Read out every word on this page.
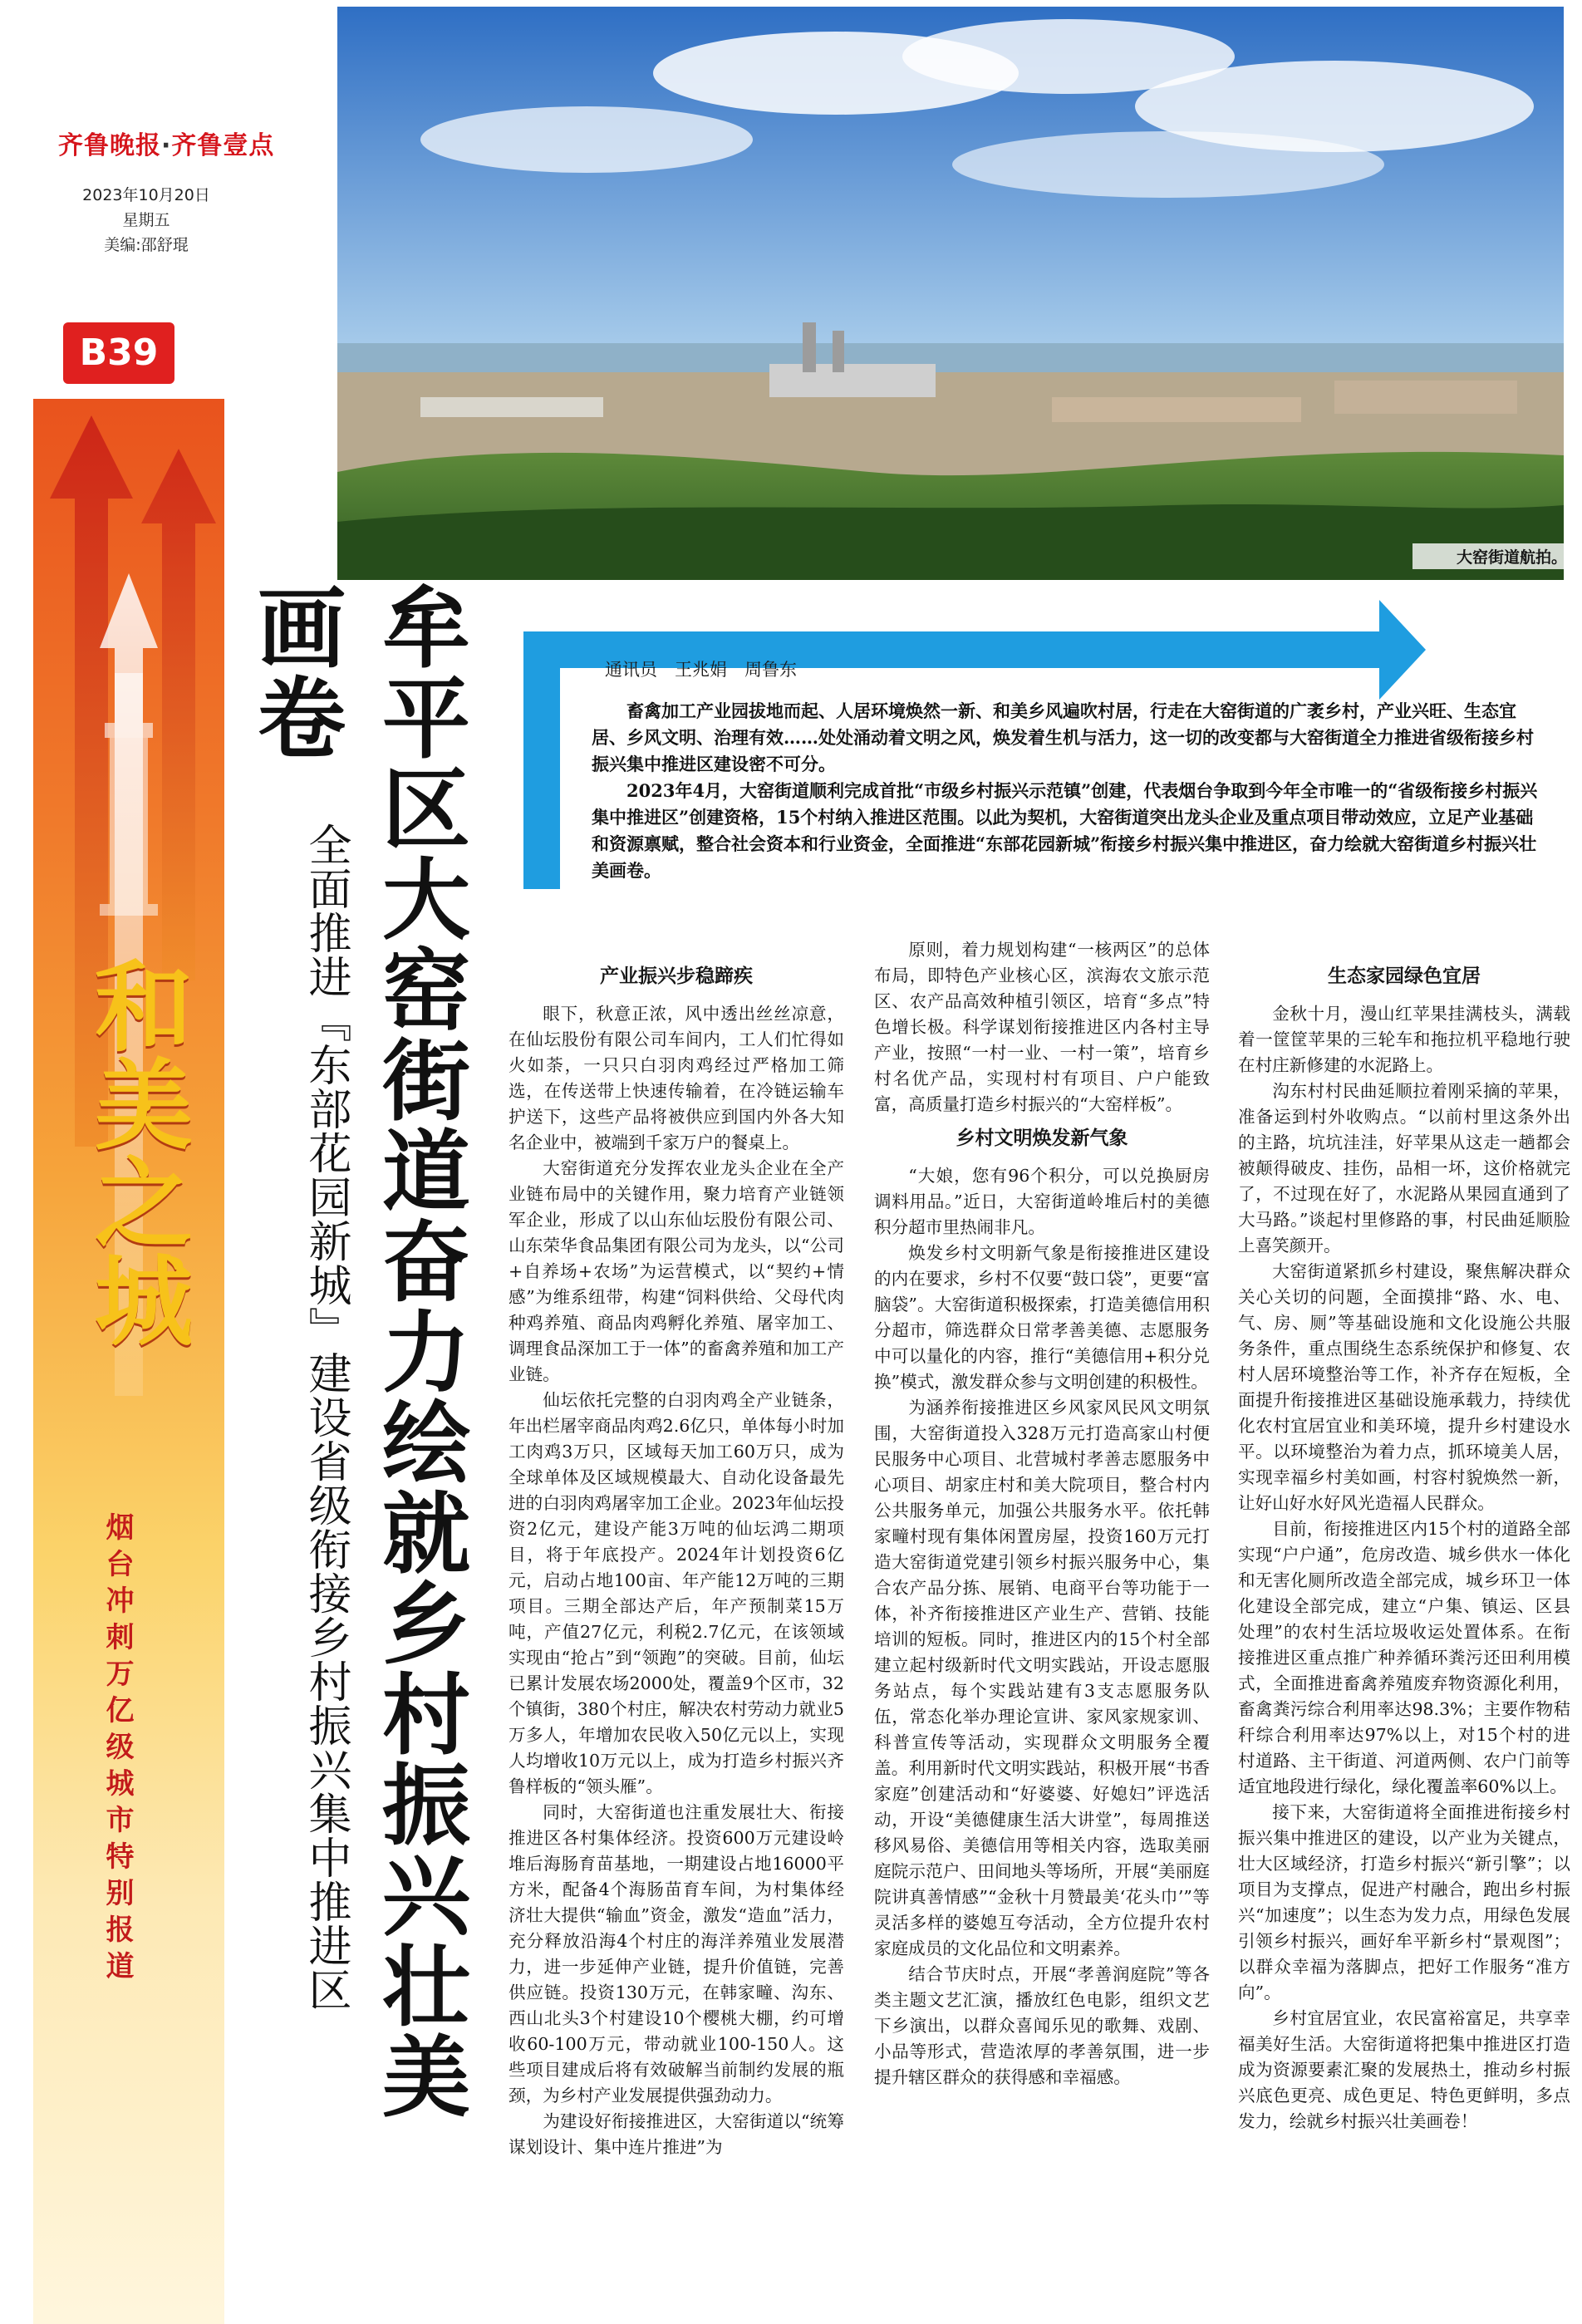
齐鲁晚报·齐鲁壹点
2023年10月20日
星期五
美编:邵舒琨
B39
和美之城
烟台冲刺万亿级城市特别报道
大窑街道航拍。
牟平区大窑街道奋力绘就乡村振兴壮美画卷
全面推进『东部花园新城』建设省级衔接乡村振兴集中推进区
通讯员　王兆娟　周鲁东

畜禽加工产业园拔地而起、人居环境焕然一新、和美乡风遍吹村居，行走在大窑街道的广袤乡村，产业兴旺、生态宜居、乡风文明、治理有效……处处涌动着文明之风，焕发着生机与活力，这一切的改变都与大窑街道全力推进省级衔接乡村振兴集中推进区建设密不可分。

2023年4月，大窑街道顺利完成首批“市级乡村振兴示范镇”创建，代表烟台争取到今年全市唯一的“省级衔接乡村振兴集中推进区”创建资格，15个村纳入推进区范围。以此为契机，大窑街道突出龙头企业及重点项目带动效应，立足产业基础和资源禀赋，整合社会资本和行业资金，全面推进“东部花园新城”衔接乡村振兴集中推进区，奋力绘就大窑街道乡村振兴壮美画卷。

产业振兴步稳蹄疾

眼下，秋意正浓，风中透出丝丝凉意，在仙坛股份有限公司车间内，工人们忙得如火如荼，一只只白羽肉鸡经过严格加工筛选，在传送带上快速传输着，在冷链运输车护送下，这些产品将被供应到国内外各大知名企业中，被端到千家万户的餐桌上。

大窑街道充分发挥农业龙头企业在全产业链布局中的关键作用，聚力培育产业链领军企业，形成了以山东仙坛股份有限公司、山东荣华食品集团有限公司为龙头，以“公司+自养场+农场”为运营模式，以“契约+情感”为维系纽带，构建“饲料供给、父母代肉种鸡养殖、商品肉鸡孵化养殖、屠宰加工、调理食品深加工于一体”的畜禽养殖和加工产业链。

仙坛依托完整的白羽肉鸡全产业链条，年出栏屠宰商品肉鸡2.6亿只，单体每小时加工肉鸡3万只，区域每天加工60万只，成为全球单体及区域规模最大、自动化设备最先进的白羽肉鸡屠宰加工企业。2023年仙坛投资2亿元，建设产能3万吨的仙坛鸿二期项目，将于年底投产。2024年计划投资6亿元，启动占地100亩、年产能12万吨的三期项目。三期全部达产后，年产预制菜15万吨，产值27亿元，利税2.7亿元，在该领域实现由“抢占”到“领跑”的突破。目前，仙坛已累计发展农场2000处，覆盖9个区市，32个镇街，380个村庄，解决农村劳动力就业5万多人，年增加农民收入50亿元以上，实现人均增收10万元以上，成为打造乡村振兴齐鲁样板的“领头雁”。

同时，大窑街道也注重发展壮大、衔接推进区各村集体经济。投资600万元建设岭堆后海肠育苗基地，一期建设占地16000平方米，配备4个海肠苗育车间，为村集体经济壮大提供“输血”资金，激发“造血”活力，充分释放沿海4个村庄的海洋养殖业发展潜力，进一步延伸产业链，提升价值链，完善供应链。投资130万元，在韩家疃、沟东、西山北头3个村建设10个樱桃大棚，约可增收60-100万元，带动就业100-150人。这些项目建成后将有效破解当前制约发展的瓶颈，为乡村产业发展提供强劲动力。

为建设好衔接推进区，大窑街道以“统筹谋划设计、集中连片推进”为

原则，着力规划构建“一核两区”的总体布局，即特色产业核心区，滨海农文旅示范区、农产品高效种植引领区，培育“多点”特色增长极。科学谋划衔接推进区内各村主导产业，按照“一村一业、一村一策”，培育乡村名优产品，实现村村有项目、户户能致富，高质量打造乡村振兴的“大窑样板”。

乡村文明焕发新气象

“大娘，您有96个积分，可以兑换厨房调料用品。”近日，大窑街道岭堆后村的美德积分超市里热闹非凡。

焕发乡村文明新气象是衔接推进区建设的内在要求，乡村不仅要“鼓口袋”，更要“富脑袋”。大窑街道积极探索，打造美德信用积分超市，筛选群众日常孝善美德、志愿服务中可以量化的内容，推行“美德信用+积分兑换”模式，激发群众参与文明创建的积极性。

为涵养衔接推进区乡风家风民风文明氛围，大窑街道投入328万元打造高家山村便民服务中心项目、北营城村孝善志愿服务中心项目、胡家庄村和美大院项目，整合村内公共服务单元，加强公共服务水平。依托韩家疃村现有集体闲置房屋，投资160万元打造大窑街道党建引领乡村振兴服务中心，集合农产品分拣、展销、电商平台等功能于一体，补齐衔接推进区产业生产、营销、技能培训的短板。同时，推进区内的15个村全部建立起村级新时代文明实践站，开设志愿服务站点，每个实践站建有3支志愿服务队伍，常态化举办理论宣讲、家风家规家训、科普宣传等活动，实现群众文明服务全覆盖。利用新时代文明实践站，积极开展“书香家庭”创建活动和“好婆婆、好媳妇”评选活动，开设“美德健康生活大讲堂”，每周推送移风易俗、美德信用等相关内容，选取美丽庭院示范户、田间地头等场所，开展“美丽庭院讲真善情感”“金秋十月赞最美‘花头巾’”等灵活多样的婆媳互夸活动，全方位提升农村家庭成员的文化品位和文明素养。

结合节庆时点，开展“孝善润庭院”等各类主题文艺汇演，播放红色电影，组织文艺下乡演出，以群众喜闻乐见的歌舞、戏剧、小品等形式，营造浓厚的孝善氛围，进一步提升辖区群众的获得感和幸福感。

生态家园绿色宜居

金秋十月，漫山红苹果挂满枝头，满载着一筐筐苹果的三轮车和拖拉机平稳地行驶在村庄新修建的水泥路上。

沟东村村民曲延顺拉着刚采摘的苹果，准备运到村外收购点。“以前村里这条外出的主路，坑坑洼洼，好苹果从这走一趟都会被颠得破皮、挂伤，品相一坏，这价格就完了，不过现在好了，水泥路从果园直通到了大马路。”谈起村里修路的事，村民曲延顺脸上喜笑颜开。

大窑街道紧抓乡村建设，聚焦解决群众关心关切的问题，全面摸排“路、水、电、气、房、厕”等基础设施和文化设施公共服务条件，重点围绕生态系统保护和修复、农村人居环境整治等工作，补齐存在短板，全面提升衔接推进区基础设施承载力，持续优化农村宜居宜业和美环境，提升乡村建设水平。以环境整治为着力点，抓环境美人居，实现幸福乡村美如画，村容村貌焕然一新，让好山好水好风光造福人民群众。

目前，衔接推进区内15个村的道路全部实现“户户通”，危房改造、城乡供水一体化和无害化厕所改造全部完成，城乡环卫一体化建设全部完成，建立“户集、镇运、区县处理”的农村生活垃圾收运处置体系。在衔接推进区重点推广种养循环粪污还田利用模式，全面推进畜禽养殖废弃物资源化利用，畜禽粪污综合利用率达98.3%；主要作物秸秆综合利用率达97%以上，对15个村的进村道路、主干街道、河道两侧、农户门前等适宜地段进行绿化，绿化覆盖率60%以上。

接下来，大窑街道将全面推进衔接乡村振兴集中推进区的建设，以产业为关键点，壮大区域经济，打造乡村振兴“新引擎”；以项目为支撑点，促进产村融合，跑出乡村振兴“加速度”；以生态为发力点，用绿色发展引领乡村振兴，画好牟平新乡村“景观图”；以群众幸福为落脚点，把好工作服务“准方向”。

乡村宜居宜业，农民富裕富足，共享幸福美好生活。大窑街道将把集中推进区打造成为资源要素汇聚的发展热土，推动乡村振兴底色更亮、成色更足、特色更鲜明，多点发力，绘就乡村振兴壮美画卷！
